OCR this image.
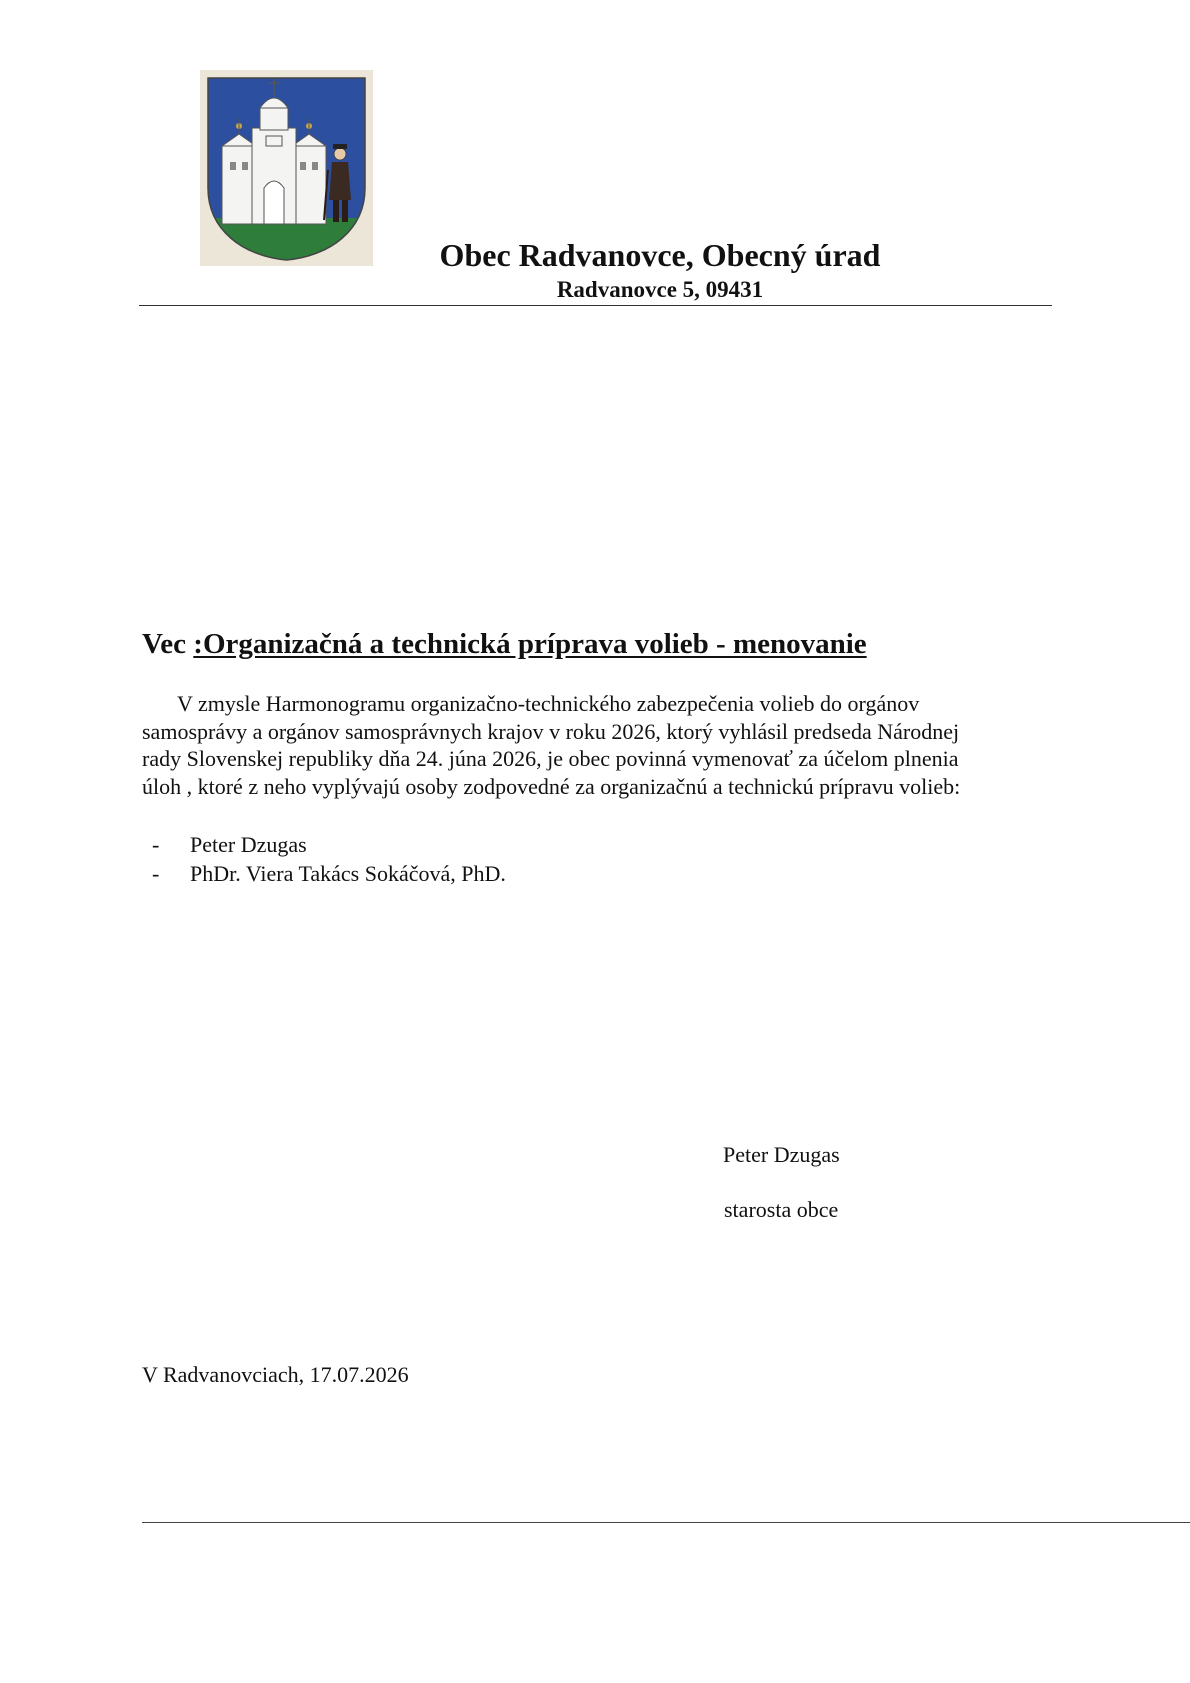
Obec Radvanovce, Obecný úrad
Radvanovce 5, 09431
Vec :Organizačná a technická príprava volieb - menovanie
V zmysle Harmonogramu organizačno-technického zabezpečenia volieb do orgánov
samosprávy a orgánov samosprávnych krajov v roku 2026, ktorý vyhlásil predseda Národnej
rady Slovenskej republiky dňa 24. júna 2026, je obec povinná vymenovať za účelom plnenia
úloh , ktoré z neho vyplývajú osoby zodpovedné za organizačnú a technickú prípravu volieb:
-	Peter Dzugas
-	PhDr. Viera Takács Sokáčová, PhD.
Peter Dzugas
starosta obce
V Radvanovciach, 17.07.2026
